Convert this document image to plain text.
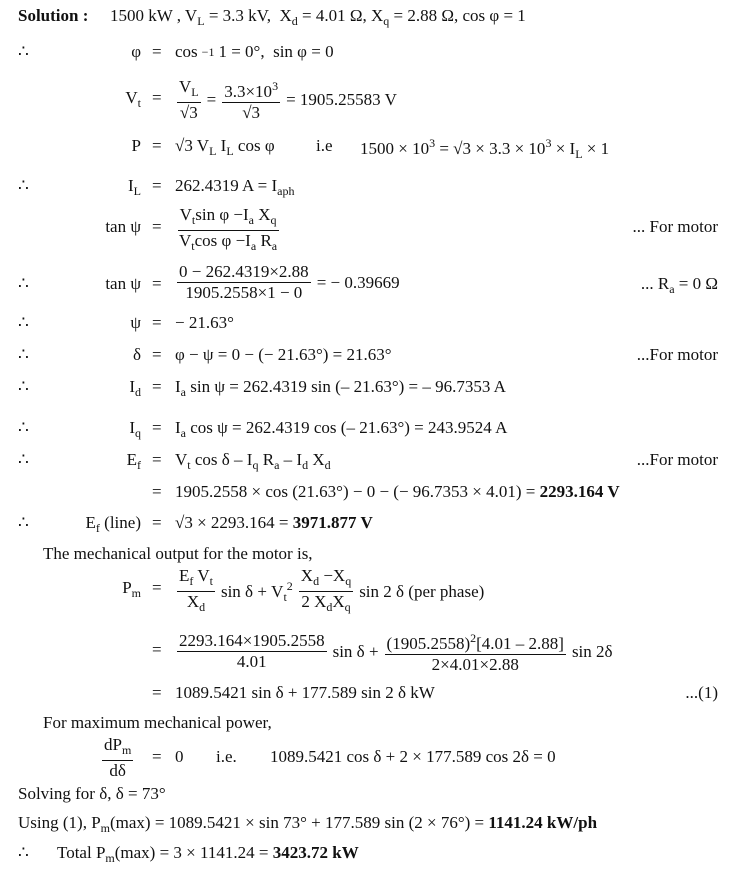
Solution : 1500 kW , $V_L = 3.3$ kV,  $X_d = 4.01$ Ω, $X_q = 2.88$ Ω, cos φ = 1
∴	φ = cos −1 1 = 0°,  sin φ = 0
$V_t = \frac{V_L}{√3} = \frac{3.3\times 10^3}{√3} = 1905.25583$ V
P = √3 $V_L$ $I_L$ cos φ i.e $1500 \times 10^3 = √3 \times 3.3 \times 10^3 \times I_L \times 1$
∴	$I_L = 262.4319$ $A = I_{aph}$
$\tan \psi = \frac{V_t\sin \varphi -I_a X_q}{V_t\cos \varphi -I_a R_a}$	... For motor
∴	$\tan \psi = \frac{0 - 262.4319\times 2.88}{1905.2558\times 1 - 0}$ = − 0.39669	... $R_a = 0$ Ω
∴	ψ = − 21.63°
∴	δ = φ − ψ = 0 − (− 21.63°) = 21.63°	...For motor
∴	$I_d = I_a$ sin ψ = 262.4319 sin (– 21.63°) = – 96.7353 A
∴	$I_q = I_a$ cos ψ = 262.4319 cos (– 21.63°) = 243.9524 A
∴	$E_f = V_t$ cos δ – $I_q$ $R_a - I_d$ $X_d$	...For motor
= 1905.2558 × cos (21.63°) − 0 − (− 96.7353 × 4.01) = 2293.164 V
∴	$E_f$ (line) = √3 × 2293.164 = 3971.877 V
The mechanical output for the motor is,
$P_m = \frac{E_f V_t}{X_d}$ $\sin \delta + V_t^2 \frac{X_d -X_q}{2 X_dX_q}$ sin 2 δ (per phase)
= $\frac{2293.164\times 1905.2558}{4.01}$ $\sin \delta + \frac{(1905.2558)^2[4.01 - 2.88]}{2\times 4.01\times 2.88}$ sin 2δ
= 1089.5421 sin δ + 177.589 sin 2 δ kW	...(1)
For maximum mechanical power,
$\frac{dP_m}{d\delta} = 0$ i.e. 1089.5421 cos δ + 2 × 177.589 cos 2δ = 0
Solving for δ, δ = 73°
Using (1), $P_m(\max) = 1089.5421 \times \sin 73^\circ + 177.589$ sin (2 × 76°) = 1141.24 kW/ph
∴ Total $P_m(\max) = 3 \times 1141.24 = 3423.72$ kW
